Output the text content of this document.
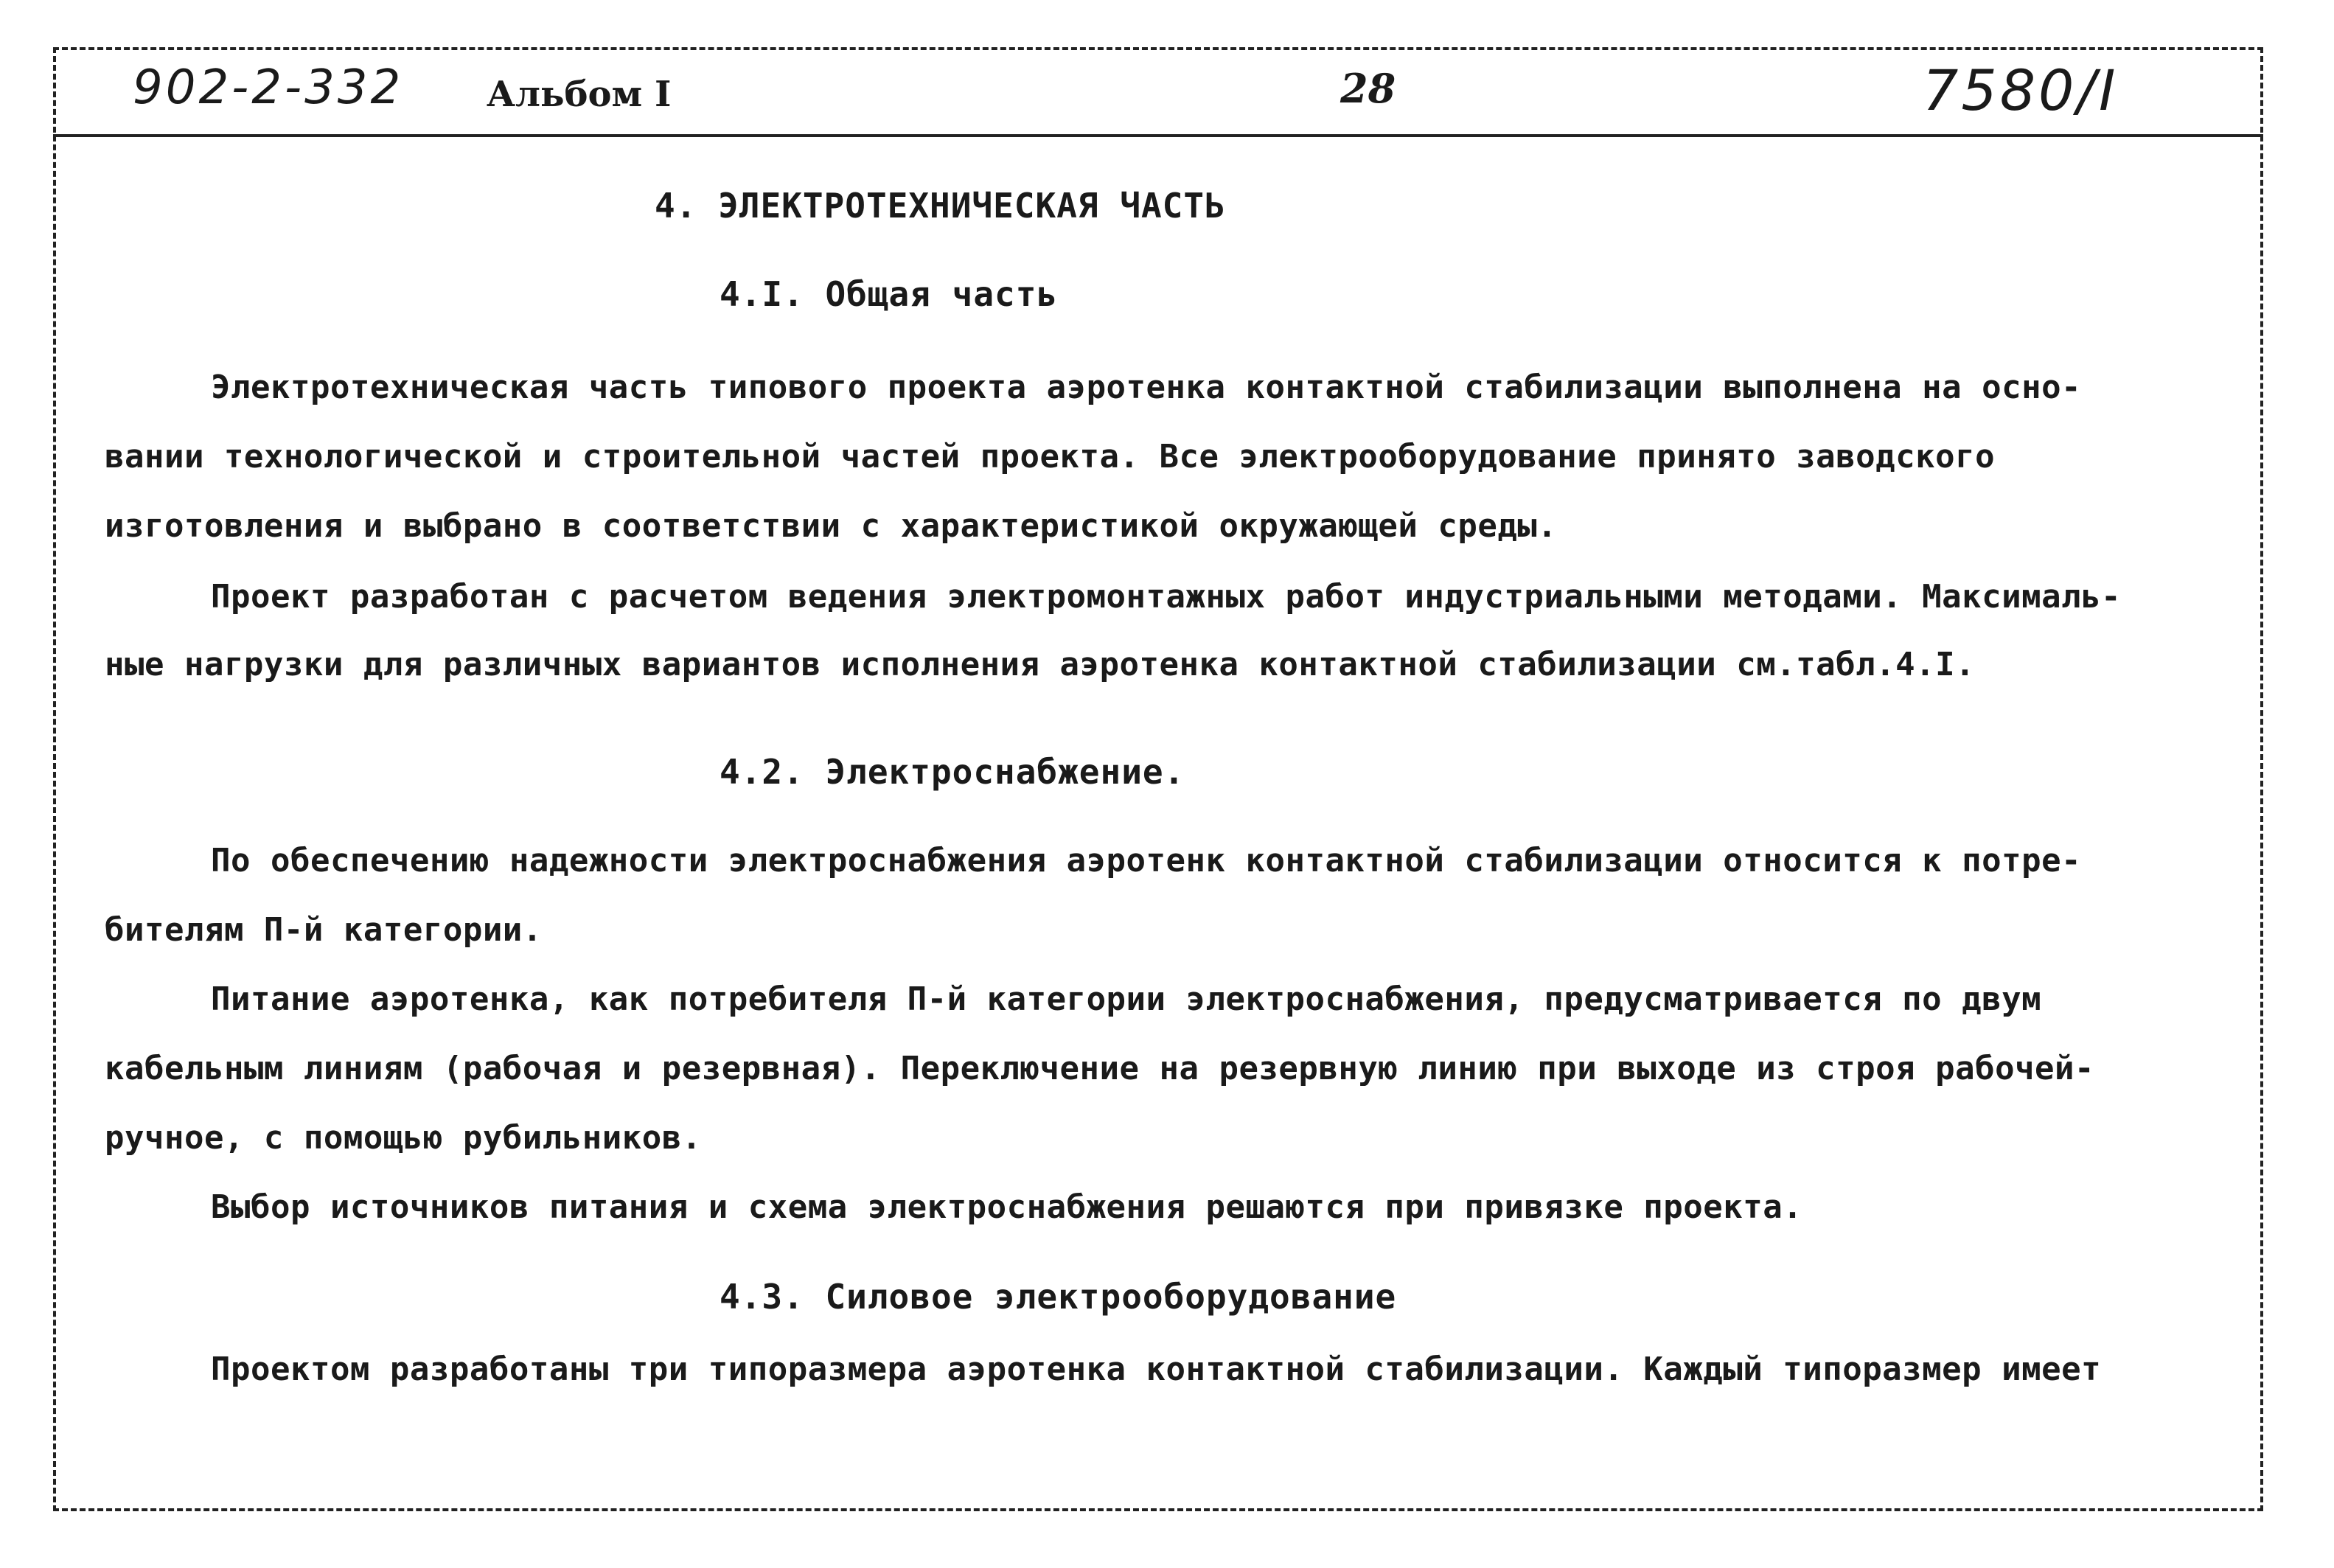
902-2-332 Альбом I	28	7580/I
4. ЭЛЕКТРОТЕХНИЧЕСКАЯ ЧАСТЬ
4.I. Общая часть
Электротехническая часть типового проекта аэротенка контактной стабилизации выполнена на осно-
вании технологической и строительной частей проекта. Все электрооборудование принято заводского
изготовления и выбрано в соответствии с характеристикой окружающей среды.
Проект разработан с расчетом ведения электромонтажных работ индустриальными методами. Максималь-
ные нагрузки для различных вариантов исполнения аэротенка контактной стабилизации см.табл.4.I.
4.2. Электроснабжение.
По обеспечению надежности электроснабжения аэротенк контактной стабилизации относится к потре-
бителям П-й категории.
Питание аэротенка, как потребителя П-й категории электроснабжения, предусматривается по двум
кабельным линиям (рабочая и резервная). Переключение на резервную линию при выходе из строя рабочей-
ручное, с помощью рубильников.
Выбор источников питания и схема электроснабжения решаются при привязке проекта.
4.3. Силовое электрооборудование
Проектом разработаны три типоразмера аэротенка контактной стабилизации. Каждый типоразмер имеет
